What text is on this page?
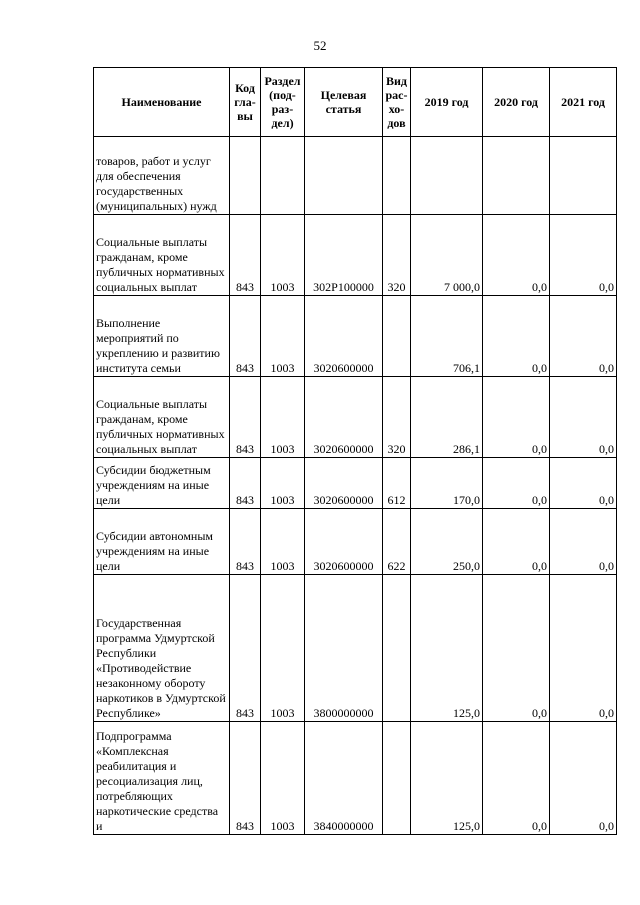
52
Наименование	Код гла-вы	Раздел (под-раз-дел)	Целевая статья	Вид рас-хо-дов	2019 год	2020 год	2021 год
товаров, работ и услуг для обеспечения государственных (муниципальных) нужд							
Социальные выплаты гражданам, кроме публичных нормативных социальных выплат	843	1003	302P100000	320	7 000,0	0,0	0,0
Выполнение мероприятий по укреплению и развитию института семьи	843	1003	3020600000		706,1	0,0	0,0
Социальные выплаты гражданам, кроме публичных нормативных социальных выплат	843	1003	3020600000	320	286,1	0,0	0,0
Субсидии бюджетным учреждениям на иные цели	843	1003	3020600000	612	170,0	0,0	0,0
Субсидии автономным учреждениям на иные цели	843	1003	3020600000	622	250,0	0,0	0,0
Государственная программа Удмуртской Республики «Противодействие незаконному обороту наркотиков в Удмуртской Республике»	843	1003	3800000000		125,0	0,0	0,0
Подпрограмма «Комплексная реабилитация и ресоциализация лиц, потребляющих наркотические средства и	843	1003	3840000000		125,0	0,0	0,0
